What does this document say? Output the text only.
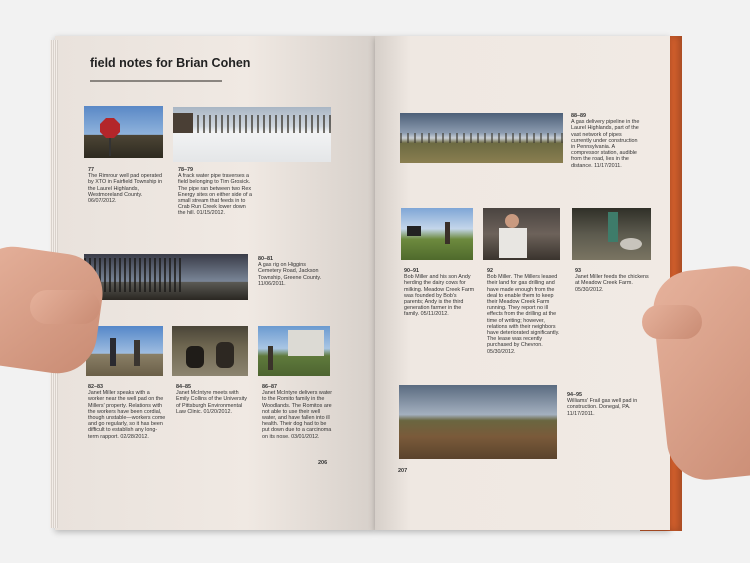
field notes for Brian Cohen
77
The Rimrour well pad operated by XTO in Fairfield Township in the Laurel Highlands, Westmoreland County. 06/07/2012.
78–79
A frack water pipe traverses a field belonging to Tim Grosick. The pipe ran between two Rex Energy sites on either side of a small stream that feeds in to Crab Run Creek lower down the hill. 01/15/2012.
80–81
A gas rig on Higgins Cemetery Road, Jackson Township, Greene County. 11/06/2011.
82–83
Janet Miller speaks with a worker near the well pad on the Millers' property. Relations with the workers have been cordial, though unstable—workers come and go regularly, so it has been difficult to establish any long-term rapport. 02/28/2012.
84–85
Janet McIntyre meets with Emily Collins of the University of Pittsburgh Environmental Law Clinic. 01/20/2012.
86–87
Janet McIntyre delivers water to the Romito family in the Woodlands. The Romitos are not able to use their well water, and have fallen into ill health. Their dog had to be put down due to a carcinoma on its nose. 03/01/2012.
206
88–89
A gas delivery pipeline in the Laurel Highlands, part of the vast network of pipes currently under construction in Pennsylvania. A compressor station, audible from the road, lies in the distance. 11/17/2011.
90–91
Bob Miller and his son Andy herding the dairy cows for milking. Meadow Creek Farm was founded by Bob's parents; Andy is the third generation farmer in the family. 05/11/2012.
92
Bob Miller. The Millers leased their land for gas drilling and have made enough from the deal to enable them to keep their Meadow Creek Farm running. They report no ill effects from the drilling at the time of writing; however, relations with their neighbors have deteriorated significantly. The lease was recently purchased by Chevron. 05/30/2012.
93
Janet Miller feeds the chickens at Meadow Creek Farm. 05/30/2012.
94–95
Williams' Frail gas well pad in construction. Donegal, PA. 11/17/2011.
207
